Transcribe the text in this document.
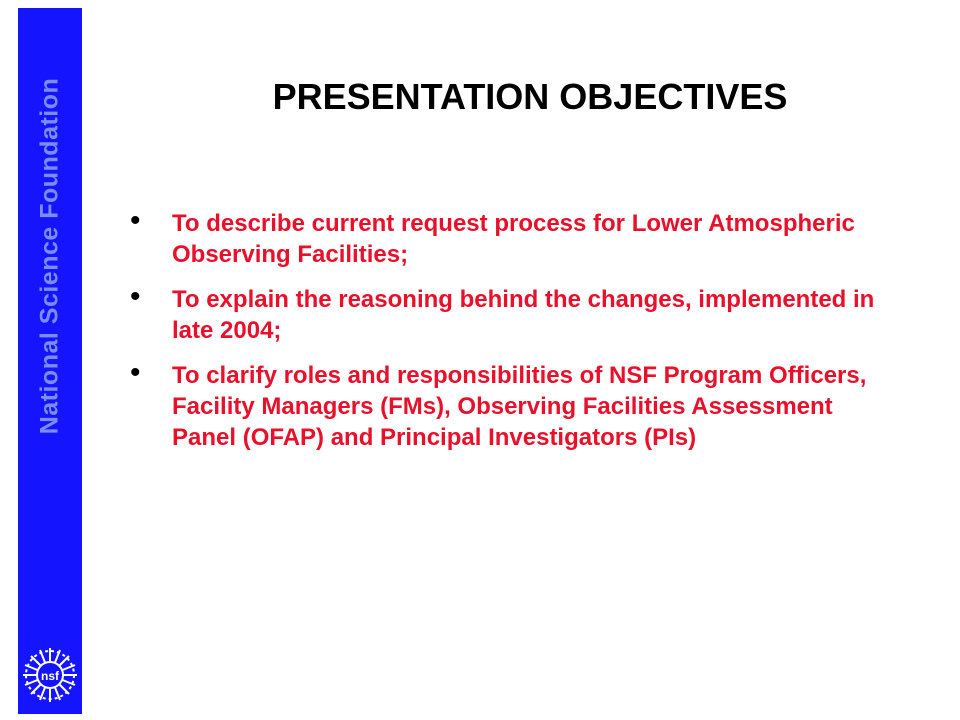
National Science Foundation
nsf
PRESENTATION OBJECTIVES
• To describe current request process for Lower Atmospheric Observing Facilities;
• To explain the reasoning behind the changes, implemented in late 2004;
• To clarify roles and responsibilities of NSF Program Officers, Facility Managers (FMs), Observing Facilities Assessment Panel (OFAP) and Principal Investigators (PIs)
